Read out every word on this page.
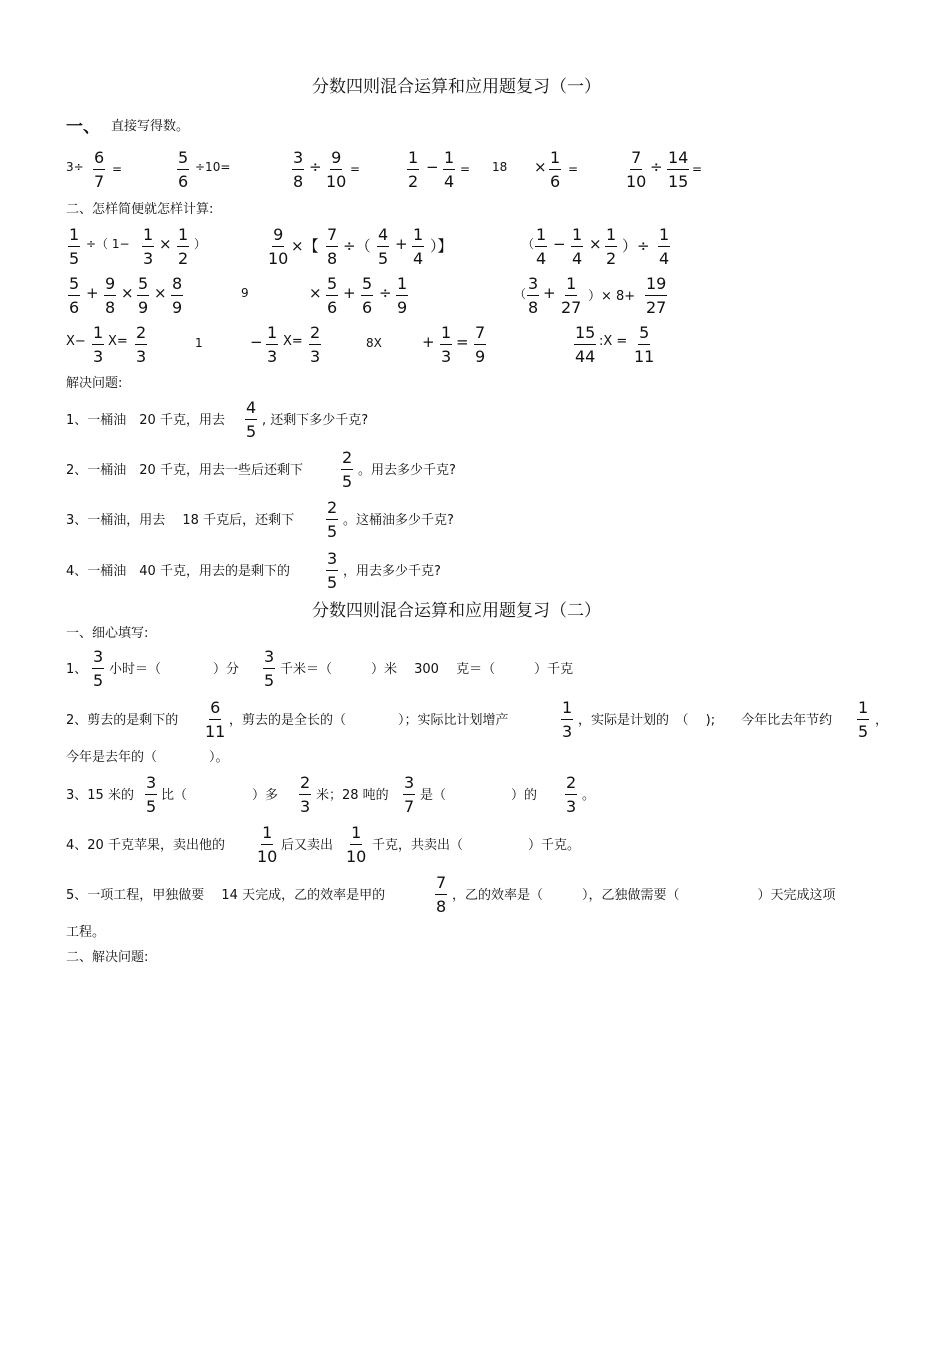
分数四则混合运算和应用题复习（一）
一、 直接写得数。
3÷ 6
7
=
5
6
÷10=	3
8
÷ 9
10
=
1
2
− 1
4
= 18 × 1
6
=
7
10
÷ 14
15
=
二、怎样简便就怎样计算:
1
5
÷（ 1− 1
3
× 1
2
）	9
10
×【
7
8
÷（
4
5
+ 1
4
）】	（ 1
4
− 1
4
× 1
2
）÷
1
4
5
6
+ 9
8
× 5
9
× 8
9
9	× 5
6
+ 5
6
÷ 1
9
（
3
8
+ 1
27
）× 8+
19
27
X− 1
3
X= 2
3
1	− 1
3
X= 2
3
8X	+ 1
3
= 7
9
15
44
:X = 5
11
解决问题:
1、一桶油　20 千克，用去
4
5
, 还剩下多少千克?
2、一桶油　20 千克，用去一些后还剩下
2
5
。用去多少千克?
3、一桶油，用去　 18 千克后，还剩下
2
5
。这桶油多少千克?
4、一桶油　40 千克，用去的是剩下的
3
5
，用去多少千克?
分数四则混合运算和应用题复习（二）
一、细心填写:
1、
3
5
小时＝（　　　　）分
3
5
千米＝（　　　）米　 300　 克＝（　　　）千克
2、剪去的是剩下的
6
11
，剪去的是全长的（　　　　）；实际比计划增产
1
3
，实际是计划的　（　 );　　今年比去年节约
1
5
，
今年是去年的（　　　　）。
3、15 米的
3
5
比（　　　　　）多
2
3
米；28 吨的
3
7
是（　　　　　）的
2
3
。
4、20 千克苹果，卖出他的
1
10
后又卖出
1
10
千克，共卖出（　　　　　）千克。
5、一项工程，甲独做要　 14 天完成，乙的效率是甲的
7
8
，乙的效率是（　　　），乙独做需要（　　　　　　）天完成这项
工程。
二、解决问题:
